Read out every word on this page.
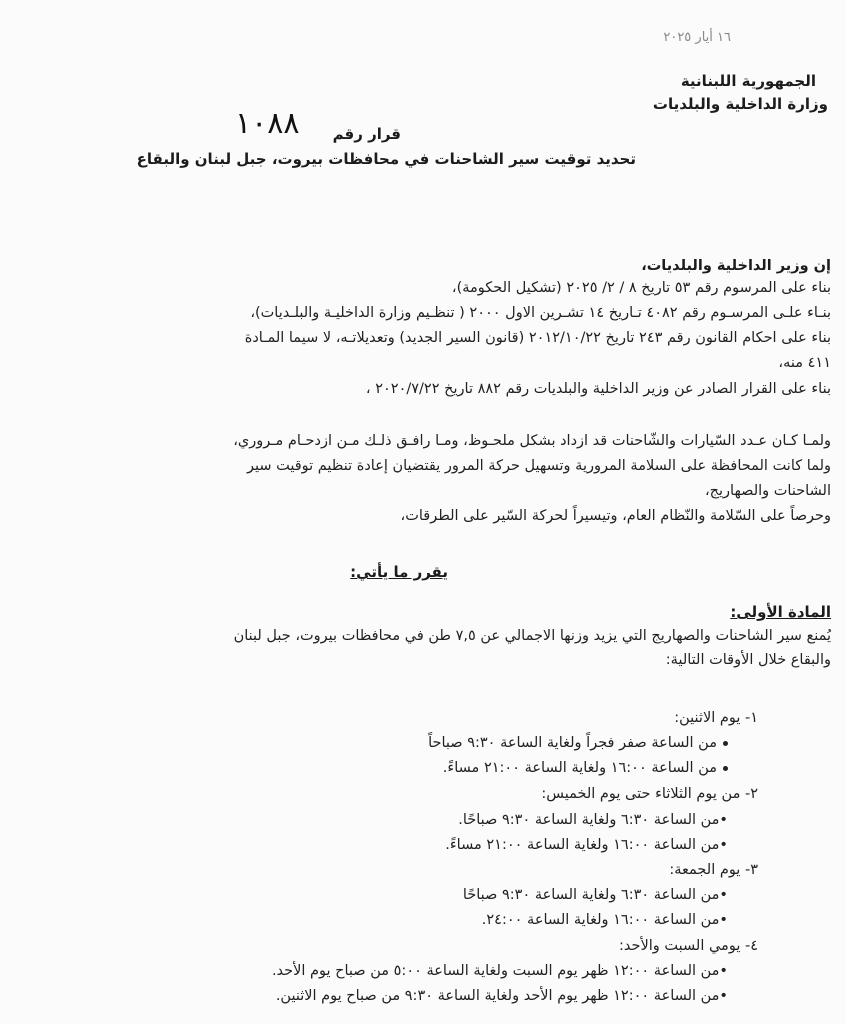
١٦ أيار ٢٠٢٥
الجمهورية اللبنانية
وزارة الداخلية والبلديات
قرار رقم
١٠٨٨
تحديد توقيت سير الشاحنات في محافظات بيروت، جبل لبنان والبقاع
إن وزير الداخلية والبلديات،
بناء على المرسوم رقم ٥٣ تاريخ ٨ / ٢/ ٢٠٢٥ (تشكيل الحكومة)،
بنـاء علـى المرسـوم رقم ٤٠٨٢ تـاريخ ١٤ تشـرين الاول ٢٠٠٠ ( تنظـيم وزارة الداخليـة والبلـديات)،
بناء على احكام القانون رقم ٢٤٣ تاريخ ٢٠١٢/١٠/٢٢ (قانون السير الجديد) وتعديلاتـه، لا سيما المـادة
٤١١ منه،
بناء على القرار الصادر عن وزير الداخلية والبلديات رقم ٨٨٢ تاريخ ٢٠٢٠/٧/٢٢ ،
ولمـا كـان عـدد السّيارات والشّاحنات قد ازداد بشكل ملحـوظ، ومـا رافـق ذلـك مـن ازدحـام مـروري،
ولما كانت المحافظة على السلامة المرورية وتسهيل حركة المرور يقتضيان إعادة تنظيم توقيت سير
الشاحنات والصهاريج،
وحرصاً على السّلامة والنّظام العام، وتيسيراً لحركة السّير على الطرقات،
يقرر ما يأتي:
المادة الأولى:
يُمنع سير الشاحنات والصهاريج التي يزيد وزنها الاجمالي عن ٧,٥ طن في محافظات بيروت، جبل لبنان
والبقاع خلال الأوقات التالية:
١- يوم الاثنين:
من الساعة صفر فجراً ولغاية الساعة ٩:٣٠ صباحاً
من الساعة ١٦:٠٠ ولغاية الساعة ٢١:٠٠ مساءً.
٢- من يوم الثلاثاء حتى يوم الخميس:
•من الساعة ٦:٣٠ ولغاية الساعة ٩:٣٠ صباحًا.
•من الساعة ١٦:٠٠ ولغاية الساعة ٢١:٠٠ مساءً.
٣- يوم الجمعة:
•من الساعة ٦:٣٠ ولغاية الساعة ٩:٣٠ صباحًا
•من الساعة ١٦:٠٠ ولغاية الساعة ٢٤:٠٠.
٤- يومي السبت والأحد:
•من الساعة ١٢:٠٠ ظهر يوم السبت ولغاية الساعة ٥:٠٠ من صباح يوم الأحد.
•من الساعة ١٢:٠٠ ظهر يوم الأحد ولغاية الساعة ٩:٣٠ من صباح يوم الاثنين.
